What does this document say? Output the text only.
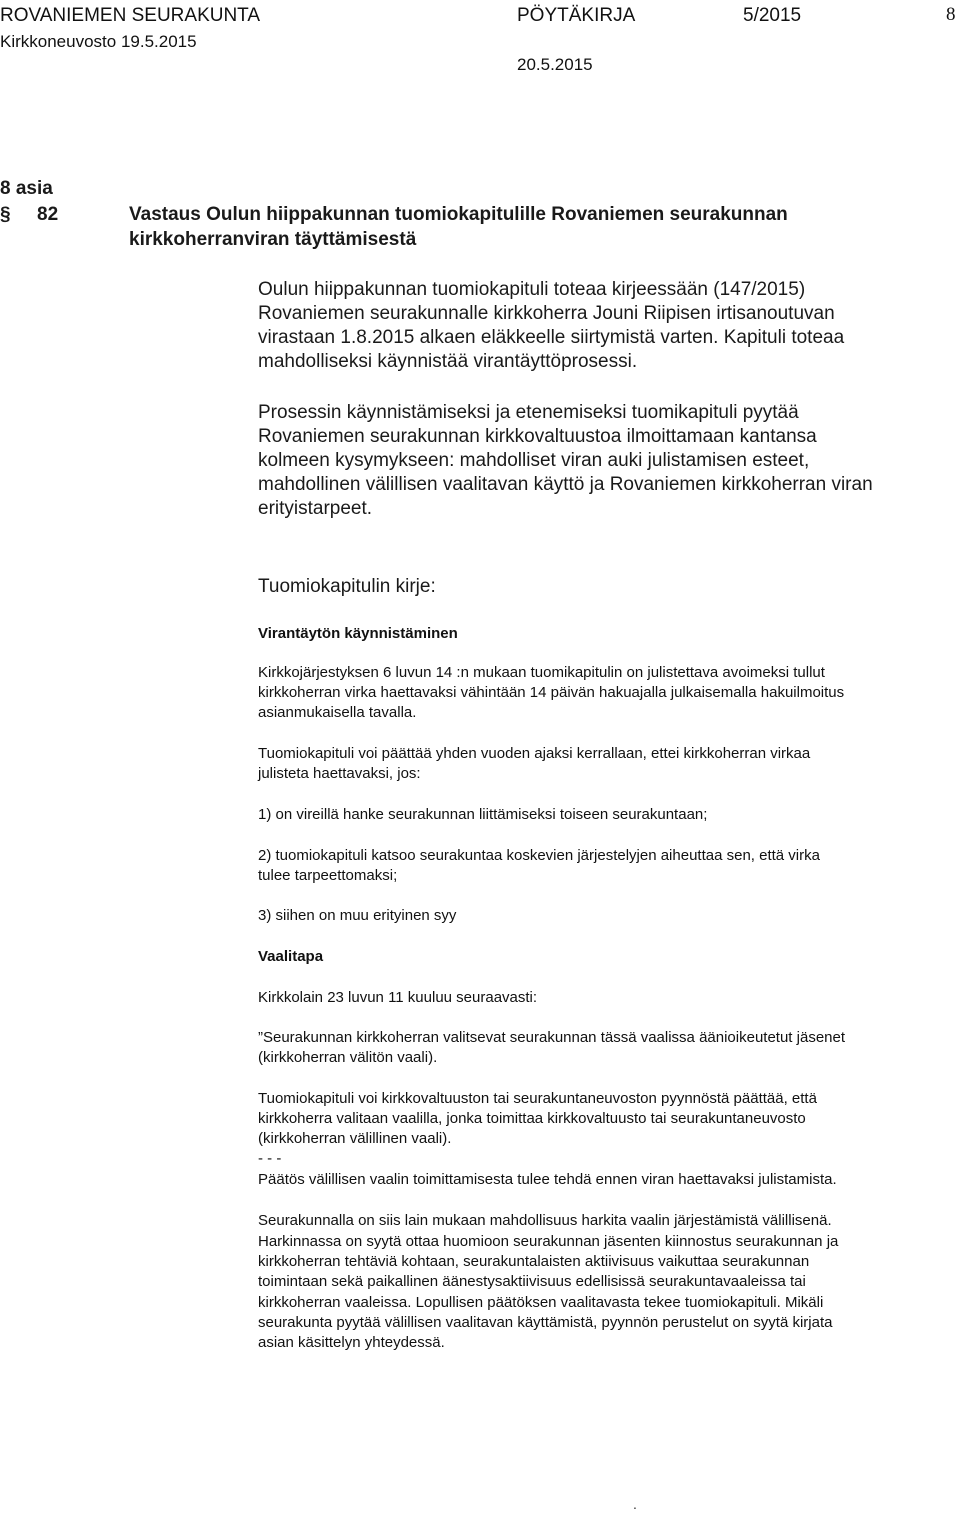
ROVANIEMEN SEURAKUNTA	PÖYTÄKIRJA	5/2015	8
Kirkkoneuvosto 19.5.2015
20.5.2015
8 asia
§ 82	Vastaus Oulun hiippakunnan tuomiokapitulille Rovaniemen seurakunnan
kirkkoherranviran täyttämisestä
Oulun hiippakunnan tuomiokapituli toteaa kirjeessään (147/2015)
Rovaniemen seurakunnalle kirkkoherra Jouni Riipisen irtisanoutuvan
virastaan 1.8.2015 alkaen eläkkeelle siirtymistä varten. Kapituli toteaa
mahdolliseksi käynnistää virantäyttöprosessi.
Prosessin käynnistämiseksi ja etenemiseksi tuomikapituli pyytää
Rovaniemen seurakunnan kirkkovaltuustoa ilmoittamaan kantansa
kolmeen kysymykseen: mahdolliset viran auki julistamisen esteet,
mahdollinen välillisen vaalitavan käyttö ja Rovaniemen kirkkoherran viran
erityistarpeet.
Tuomiokapitulin kirje:
Virantäytön käynnistäminen
Kirkkojärjestyksen 6 luvun 14 :n mukaan tuomikapitulin on julistettava avoimeksi tullut
kirkkoherran virka haettavaksi vähintään 14 päivän hakuajalla julkaisemalla hakuilmoitus
asianmukaisella tavalla.
Tuomiokapituli voi päättää yhden vuoden ajaksi kerrallaan, ettei kirkkoherran virkaa
julisteta haettavaksi, jos:
1) on vireillä hanke seurakunnan liittämiseksi toiseen seurakuntaan;
2) tuomiokapituli katsoo seurakuntaa koskevien järjestelyjen aiheuttaa sen, että virka
tulee tarpeettomaksi;
3) siihen on muu erityinen syy
Vaalitapa
Kirkkolain 23 luvun 11 kuuluu seuraavasti:
”Seurakunnan kirkkoherran valitsevat seurakunnan tässä vaalissa äänioikeutetut jäsenet
(kirkkoherran välitön vaali).
Tuomiokapituli voi kirkkovaltuuston tai seurakuntaneuvoston pyynnöstä päättää, että
kirkkoherra valitaan vaalilla, jonka toimittaa kirkkovaltuusto tai seurakuntaneuvosto
(kirkkoherran välillinen vaali).
- - -
Päätös välillisen vaalin toimittamisesta tulee tehdä ennen viran haettavaksi julistamista.
Seurakunnalla on siis lain mukaan mahdollisuus harkita vaalin järjestämistä välillisenä.
Harkinnassa on syytä ottaa huomioon seurakunnan jäsenten kiinnostus seurakunnan ja
kirkkoherran tehtäviä kohtaan, seurakuntalaisten aktiivisuus vaikuttaa seurakunnan
toimintaan sekä paikallinen äänestysaktiivisuus edellisissä seurakuntavaaleissa tai
kirkkoherran vaaleissa. Lopullisen päätöksen vaalitavasta tekee tuomiokapituli. Mikäli
seurakunta pyytää välillisen vaalitavan käyttämistä, pyynnön perustelut on syytä kirjata
asian käsittelyn yhteydessä.
.
